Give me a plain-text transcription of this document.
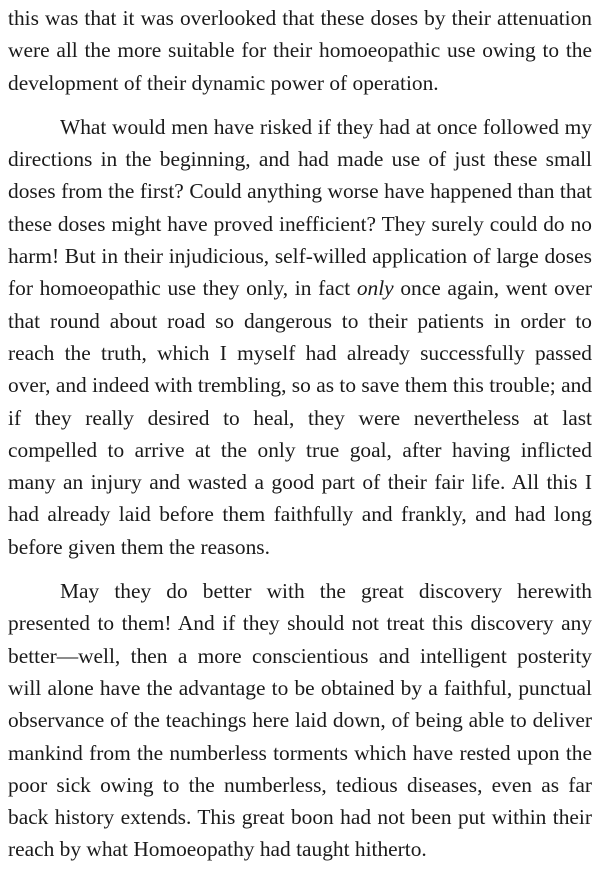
this was that it was overlooked that these doses by their attenuation were all the more suitable for their homoeopathic use owing to the development of their dynamic power of operation.

What would men have risked if they had at once followed my directions in the beginning, and had made use of just these small doses from the first? Could anything worse have happened than that these doses might have proved inefficient? They surely could do no harm! But in their injudicious, self-willed application of large doses for homoeopathic use they only, in fact only once again, went over that round about road so dangerous to their patients in order to reach the truth, which I myself had already successfully passed over, and indeed with trembling, so as to save them this trouble; and if they really desired to heal, they were nevertheless at last compelled to arrive at the only true goal, after having inflicted many an injury and wasted a good part of their fair life. All this I had already laid before them faithfully and frankly, and had long before given them the reasons.

May they do better with the great discovery herewith presented to them! And if they should not treat this discovery any better—well, then a more conscientious and intelligent posterity will alone have the advantage to be obtained by a faithful, punctual observance of the teachings here laid down, of being able to deliver mankind from the numberless torments which have rested upon the poor sick owing to the numberless, tedious diseases, even as far back history extends. This great boon had not been put within their reach by what Homoeopathy had taught hitherto.
